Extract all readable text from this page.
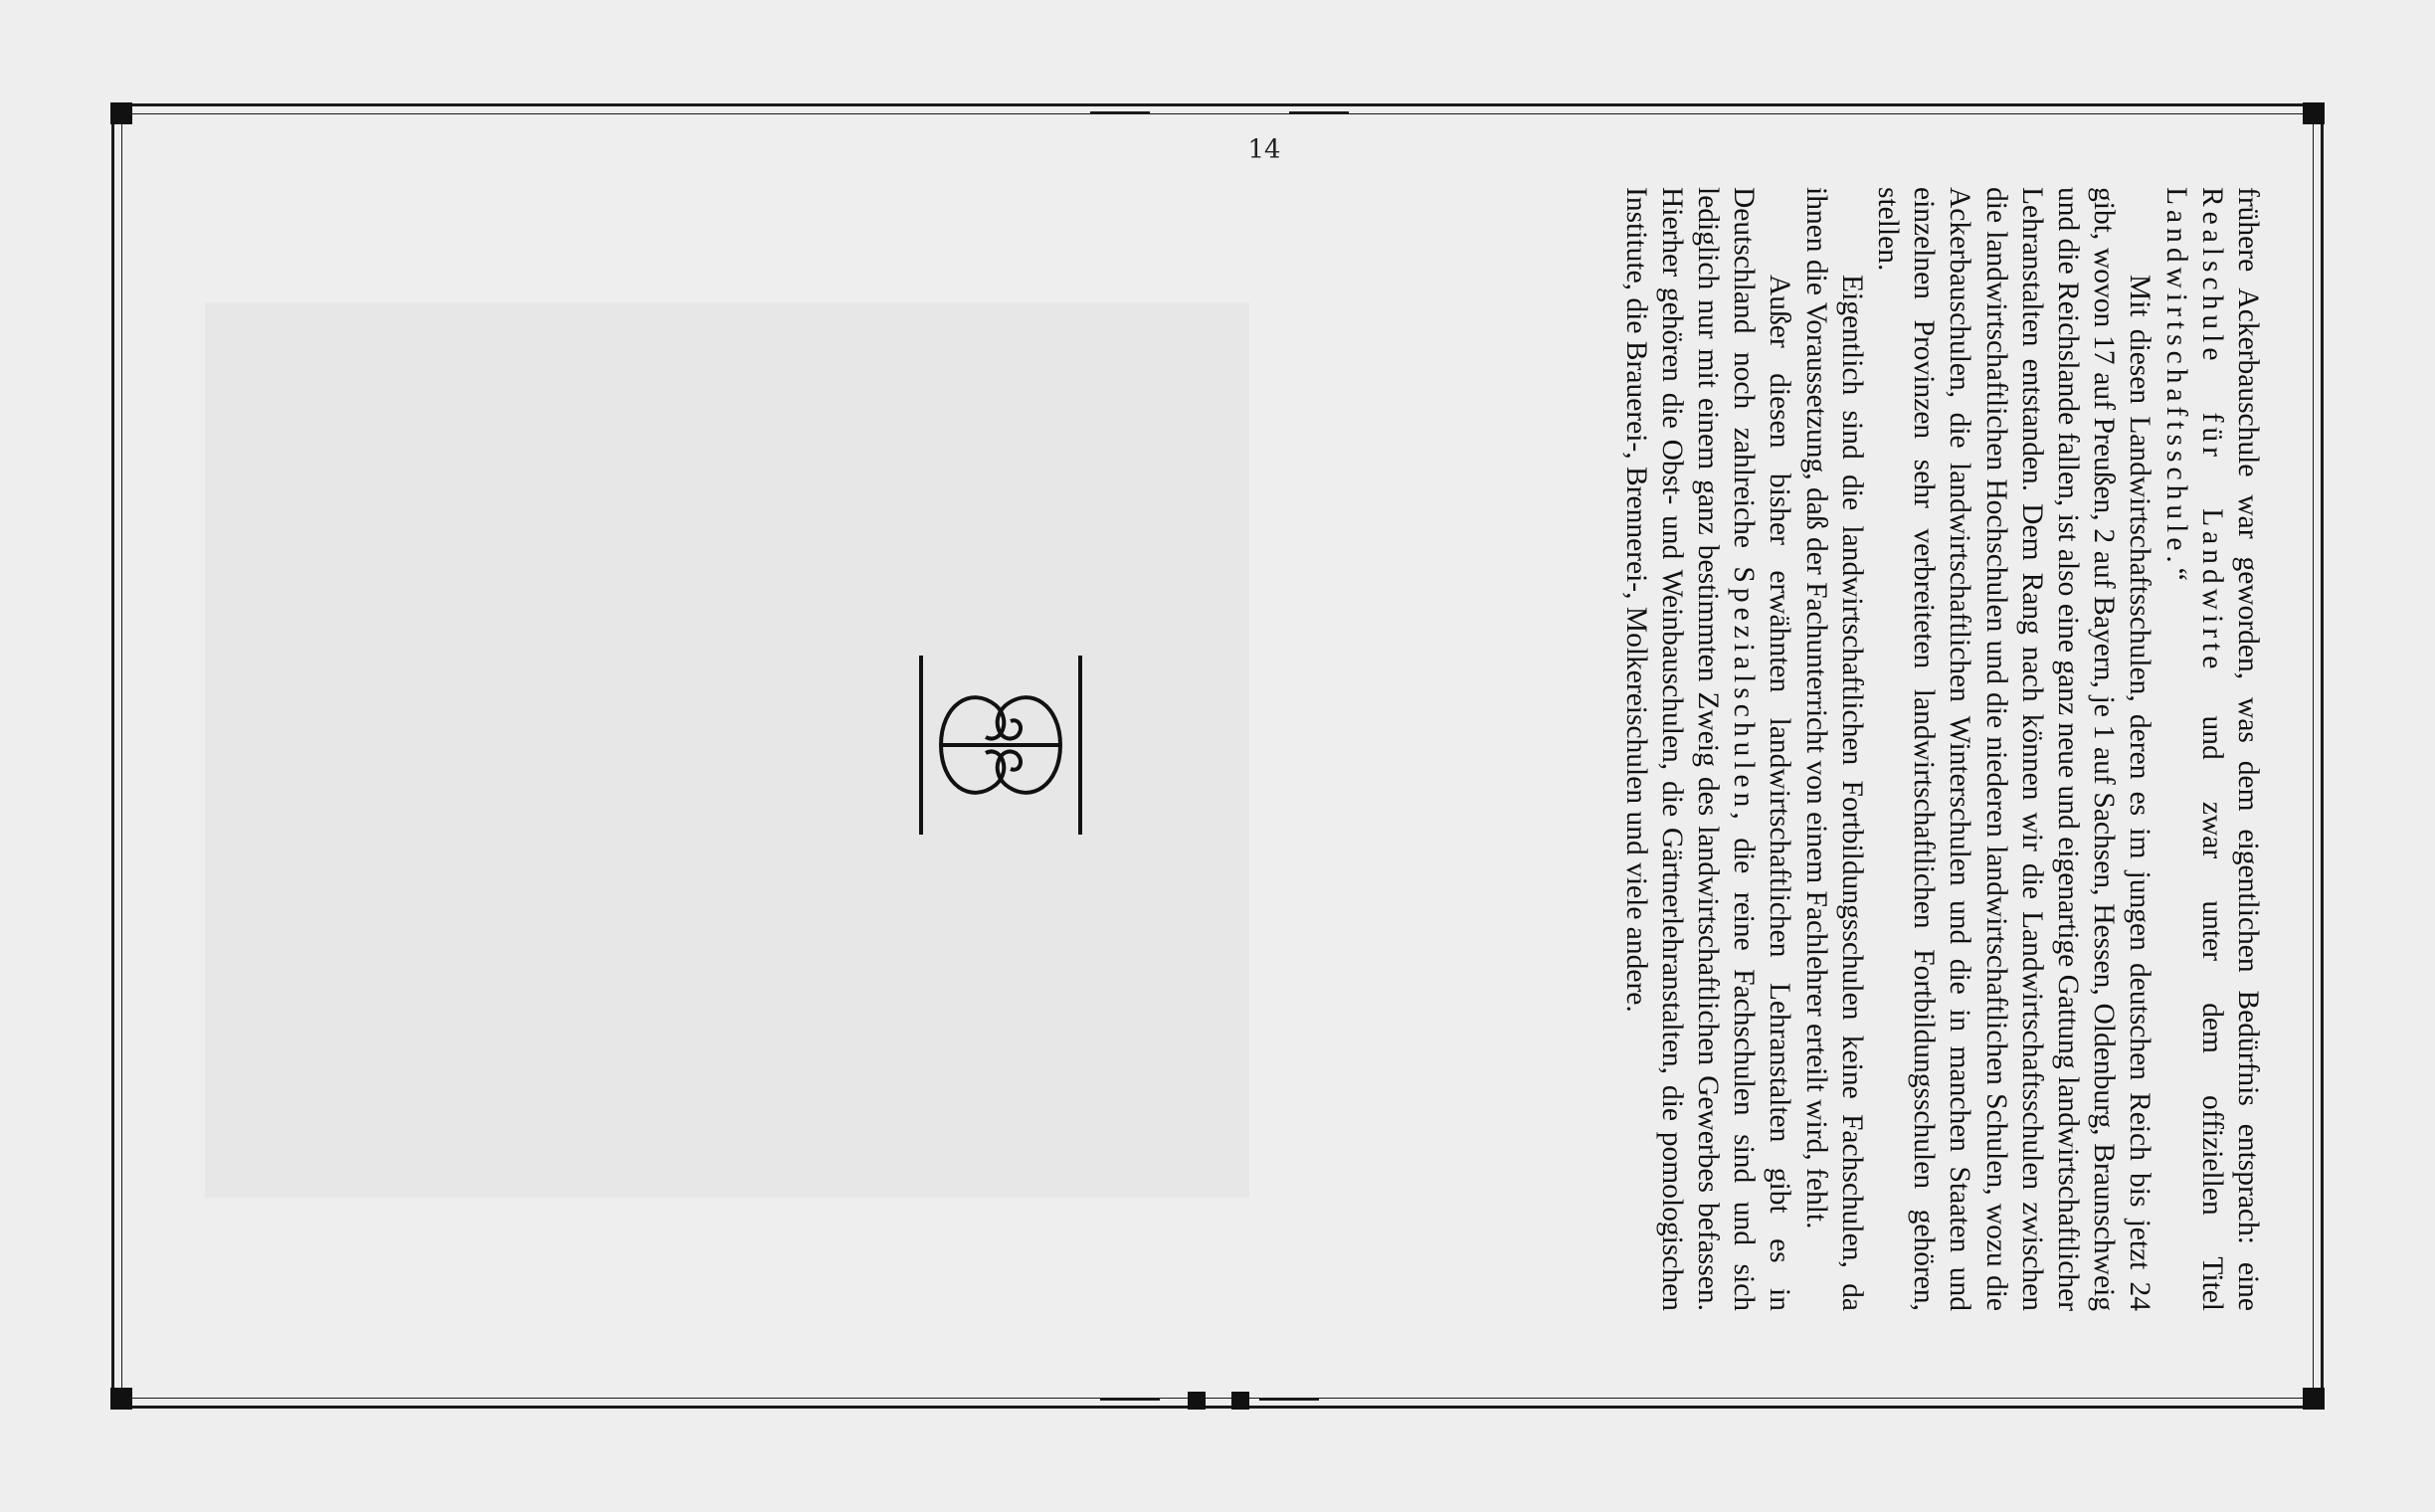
14

frühere Ackerbauschule war geworden, was dem eigentlichen Bedürfnis entsprach: eine Realschule für Landwirte und zwar unter dem offiziellen Titel Landwirtschaftsschule.“

Mit diesen Landwirtschaftsschulen, deren es im jungen deutschen Reich bis jetzt 24 gibt, wovon 17 auf Preußen, 2 auf Bayern, je 1 auf Sachsen, Hessen, Oldenburg, Braunschweig und die Reichslande fallen, ist also eine ganz neue und eigenartige Gattung landwirtschaftlicher Lehranstalten entstanden. Dem Rang nach können wir die Landwirtschaftsschulen zwischen die landwirtschaftlichen Hochschulen und die niederen landwirtschaftlichen Schulen, wozu die Ackerbauschulen, die landwirtschaftlichen Winterschulen und die in manchen Staaten und einzelnen Provinzen sehr verbreiteten landwirtschaftlichen Fortbildungsschulen gehören, stellen.

Eigentlich sind die landwirtschaftlichen Fortbildungsschulen keine Fachschulen, da ihnen die Voraussetzung, daß der Fachunterricht von einem Fachlehrer erteilt wird, fehlt.

Außer diesen bisher erwähnten landwirtschaftlichen Lehranstalten gibt es in Deutschland noch zahlreiche Spezialschulen, die reine Fachschulen sind und sich lediglich nur mit einem ganz bestimmten Zweig des landwirtschaftlichen Gewerbes befassen. Hierher gehören die Obst- und Weinbauschulen, die Gärtnerlehranstalten, die pomologischen Institute, die Brauerei-, Brennerei-, Molkereischulen und viele andere.
